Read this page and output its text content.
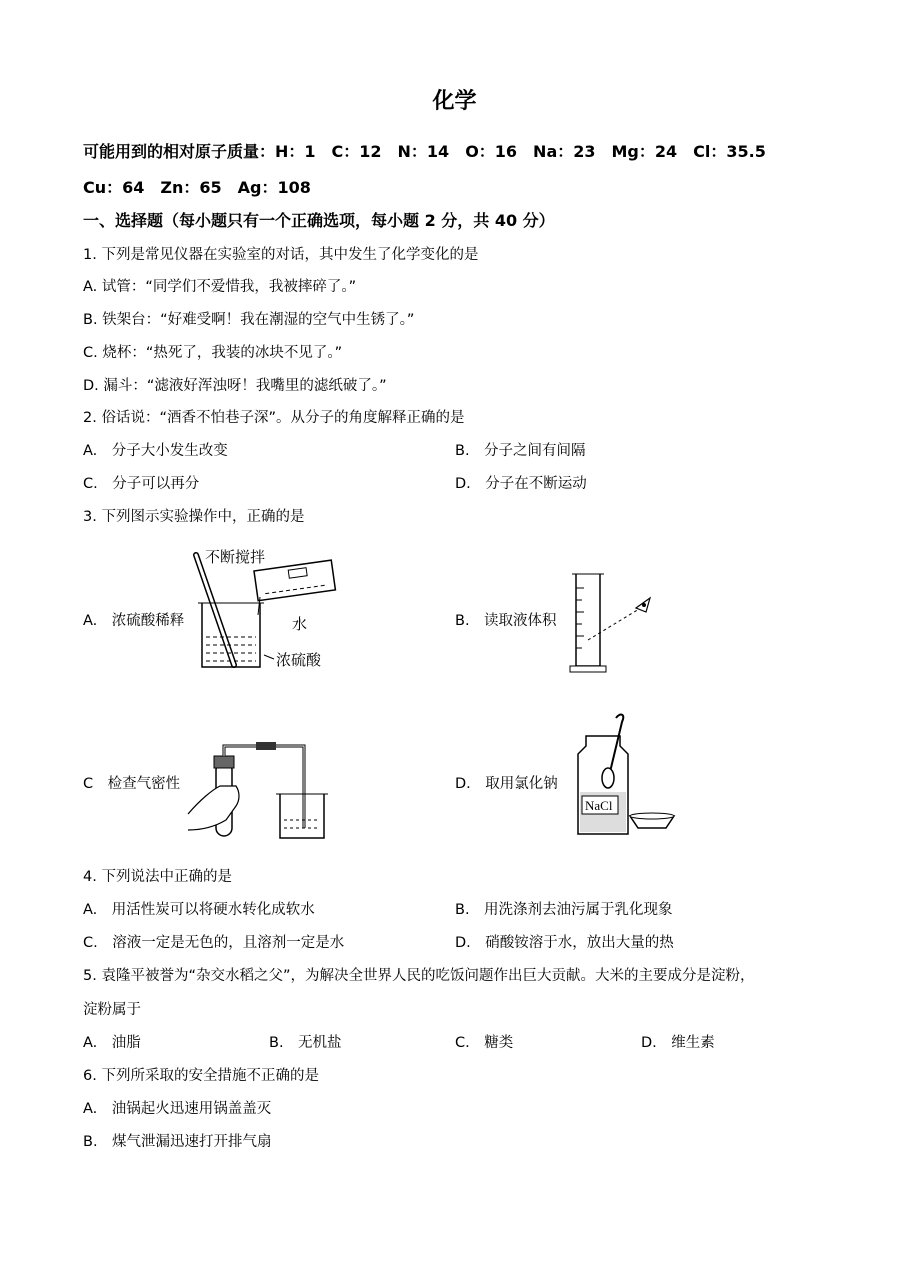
化学
可能用到的相对原子质量：H：1　C：12　N：14　O：16　Na：23　Mg：24　Cl：35.5
Cu：64　Zn：65　Ag：108
一、选择题（每小题只有一个正确选项，每小题 2 分，共 40 分）
1. 下列是常见仪器在实验室的对话，其中发生了化学变化的是
A. 试管：“同学们不爱惜我，我被摔碎了。”
B. 铁架台：“好难受啊！我在潮湿的空气中生锈了。”
C. 烧杯：“热死了，我装的冰块不见了。”
D. 漏斗：“滤液好浑浊呀！我嘴里的滤纸破了。”
2. 俗话说：“酒香不怕巷子深”。从分子的角度解释正确的是
A.　分子大小发生改变	B.　分子之间有间隔
C.　分子可以再分	D.　分子在不断运动
3. 下列图示实验操作中，正确的是
A.　浓硫酸稀释	B.　读取液体积
C　检查气密性	D.　取用氯化钠
不断搅拌
水
浓硫酸
NaCl
4. 下列说法中正确的是
A.　用活性炭可以将硬水转化成软水	B.　用洗涤剂去油污属于乳化现象
C.　溶液一定是无色的，且溶剂一定是水	D.　硝酸铵溶于水，放出大量的热
5. 袁隆平被誉为“杂交水稻之父”，为解决全世界人民的吃饭问题作出巨大贡献。大米的主要成分是淀粉，
淀粉属于
A.　油脂	B.　无机盐	C.　糖类	D.　维生素
6. 下列所采取的安全措施不正确的是
A.　油锅起火迅速用锅盖盖灭
B.　煤气泄漏迅速打开排气扇
